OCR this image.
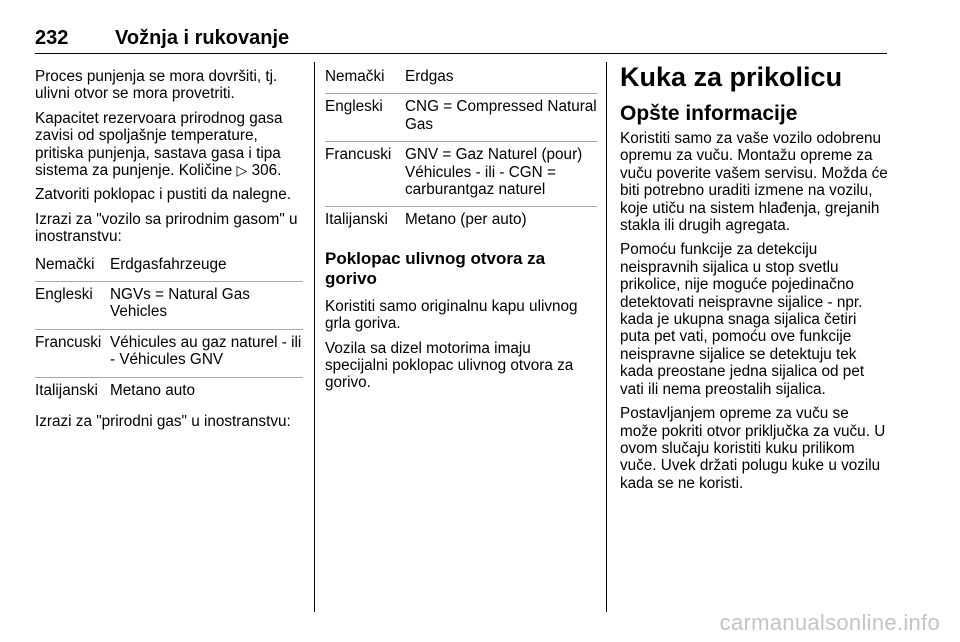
232 Vožnja i rukovanje

Proces punjenja se mora dovršiti, tj. ulivni otvor se mora provetriti.

Kapacitet rezervoara prirodnog gasa zavisi od spoljašnje temperature, pritiska punjenja, sastava gasa i tipa sistema za punjenje. Količine ▷ 306.

Zatvoriti poklopac i pustiti da nalegne.

Izrazi za "vozilo sa prirodnim gasom" u inostranstvu:

Nemački	Erdgasfahrzeuge
Engleski	NGVs = Natural Gas Vehicles
Francuski Véhicules au gaz naturel - ili - Véhicules GNV
Italijanski Metano auto

Izrazi za "prirodni gas" u inostranstvu:

Nemački	Erdgas
Engleski	CNG = Compressed Natural Gas
Francuski GNV = Gaz Naturel (pour) Véhicules - ili - CGN = carburantgaz naturel
Italijanski	Metano (per auto)
Poklopac ulivnog otvora za gorivo

Koristiti samo originalnu kapu ulivnog grla goriva.

Vozila sa dizel motorima imaju specijalni poklopac ulivnog otvora za gorivo.

Kuka za prikolicu
Opšte informacije

Koristiti samo za vaše vozilo odobrenu opremu za vuču. Montažu opreme za vuču poverite vašem servisu. Možda će biti potrebno uraditi izmene na vozilu, koje utiču na sistem hlađenja, grejanih stakla ili drugih agregata.

Pomoću funkcije za detekciju neispravnih sijalica u stop svetlu prikolice, nije moguće pojedinačno detektovati neispravne sijalice - npr. kada je ukupna snaga sijalica četiri puta pet vati, pomoću ove funkcije neispravne sijalice se detektuju tek kada preostane jedna sijalica od pet vati ili nema preostalih sijalica.

Postavljanjem opreme za vuču se može pokriti otvor priključka za vuču. U ovom slučaju koristiti kuku prilikom vuče. Uvek držati polugu kuke u vozilu kada se ne koristi.

carmanualsonline.info
